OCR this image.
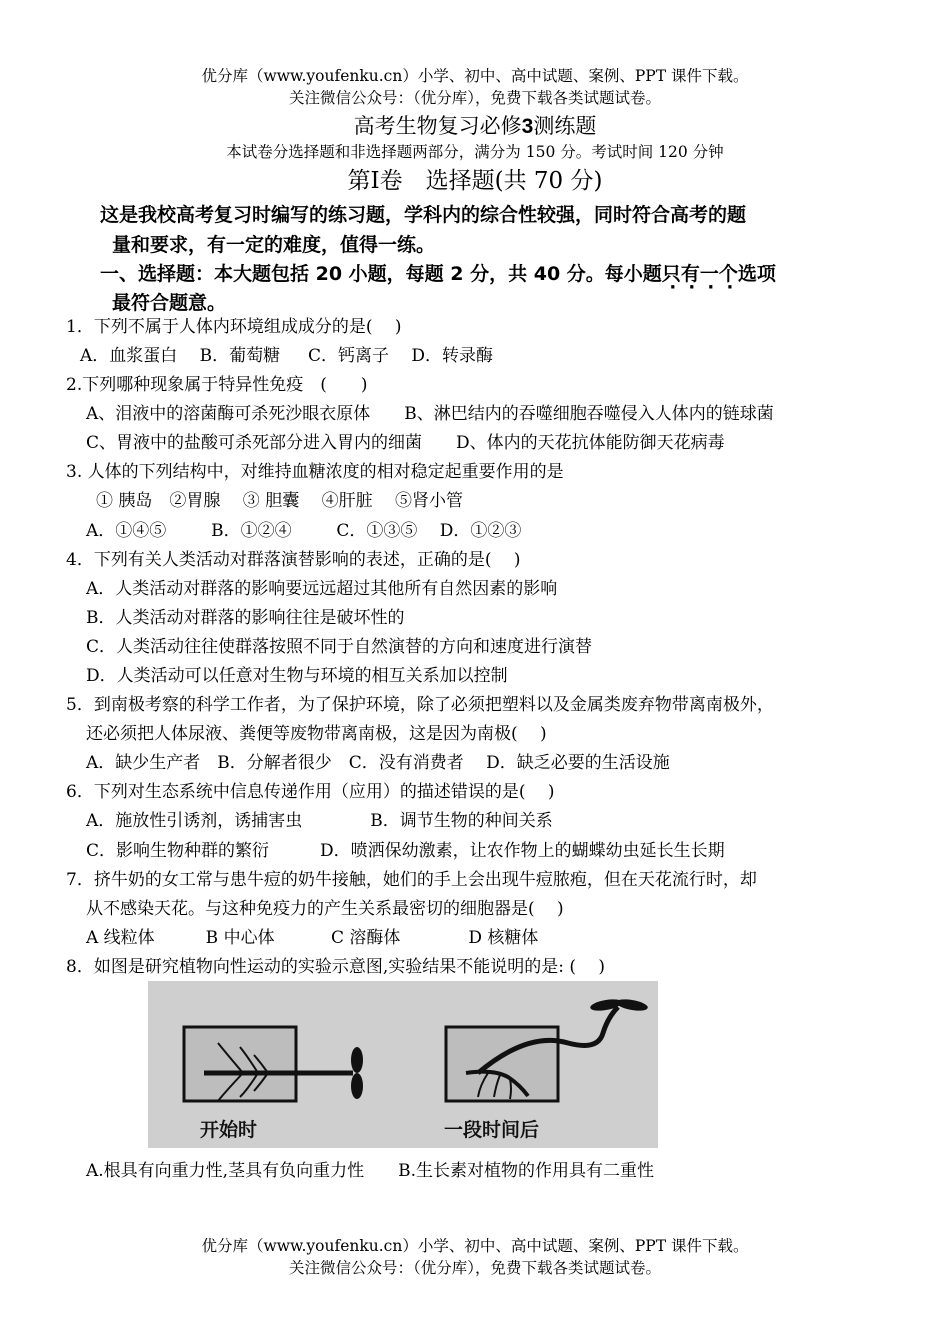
优分库（www.youfenku.cn）小学、初中、高中试题、案例、PPT 课件下载。
关注微信公众号：（优分库），免费下载各类试题试卷。
高考生物复习必修3测练题
本试卷分选择题和非选择题两部分，满分为 150 分。考试时间 120 分钟
第Ⅰ卷　选择题(共 70 分)
这是我校高考复习时编写的练习题，学科内的综合性较强，同时符合高考的题
量和要求，有一定的难度，值得一练。
一、选择题：本大题包括 20 小题，每题 2 分，共 40 分。每小题只有一个选项
最符合题意。
1．下列不属于人体内环境组成成分的是(　 )
A．血浆蛋白　 B．葡萄糖 　 C．钙离子　 D．转录酶
2.下列哪种现象属于特异性免疫　(　　)
A、泪液中的溶菌酶可杀死沙眼衣原体　　B、淋巴结内的吞噬细胞吞噬侵入人体内的链球菌
C、胃液中的盐酸可杀死部分进入胃内的细菌　　D、体内的天花抗体能防御天花病毒
3. 人体的下列结构中，对维持血糖浓度的相对稳定起重要作用的是
① 胰岛　②胃腺　 ③ 胆囊　 ④肝脏　 ⑤肾小管
A．①④⑤ 　　 B．①②④ 　　 C．①③⑤　 D．①②③
4．下列有关人类活动对群落演替影响的表述，正确的是(　 )
A．人类活动对群落的影响要远远超过其他所有自然因素的影响
B．人类活动对群落的影响往往是破坏性的
C．人类活动往往使群落按照不同于自然演替的方向和速度进行演替
D．人类活动可以任意对生物与环境的相互关系加以控制
5．到南极考察的科学工作者，为了保护环境，除了必须把塑料以及金属类废弃物带离南极外，
还必须把人体尿液、粪便等废物带离南极，这是因为南极(　 )
A．缺少生产者　B．分解者很少　C．没有消费者　 D．缺乏必要的生活设施
6．下列对生态系统中信息传递作用（应用）的描述错误的是(　 )
A．施放性引诱剂，诱捕害虫　　　　B．调节生物的种间关系
C．影响生物种群的繁衍　　　D．喷洒保幼激素，让农作物上的蝴蝶幼虫延长生长期
7．挤牛奶的女工常与患牛痘的奶牛接触，她们的手上会出现牛痘脓疱，但在天花流行时，却
从不感染天花。与这种免疫力的产生关系最密切的细胞器是(　 )
A 线粒体　　　B 中心体　　　 C 溶酶体　　　　D 核糖体
8．如图是研究植物向性运动的实验示意图,实验结果不能说明的是: (　 )
开始时	一段时间后
A.根具有向重力性,茎具有负向重力性　　B.生长素对植物的作用具有二重性
优分库（www.youfenku.cn）小学、初中、高中试题、案例、PPT 课件下载。
关注微信公众号：（优分库），免费下载各类试题试卷。
